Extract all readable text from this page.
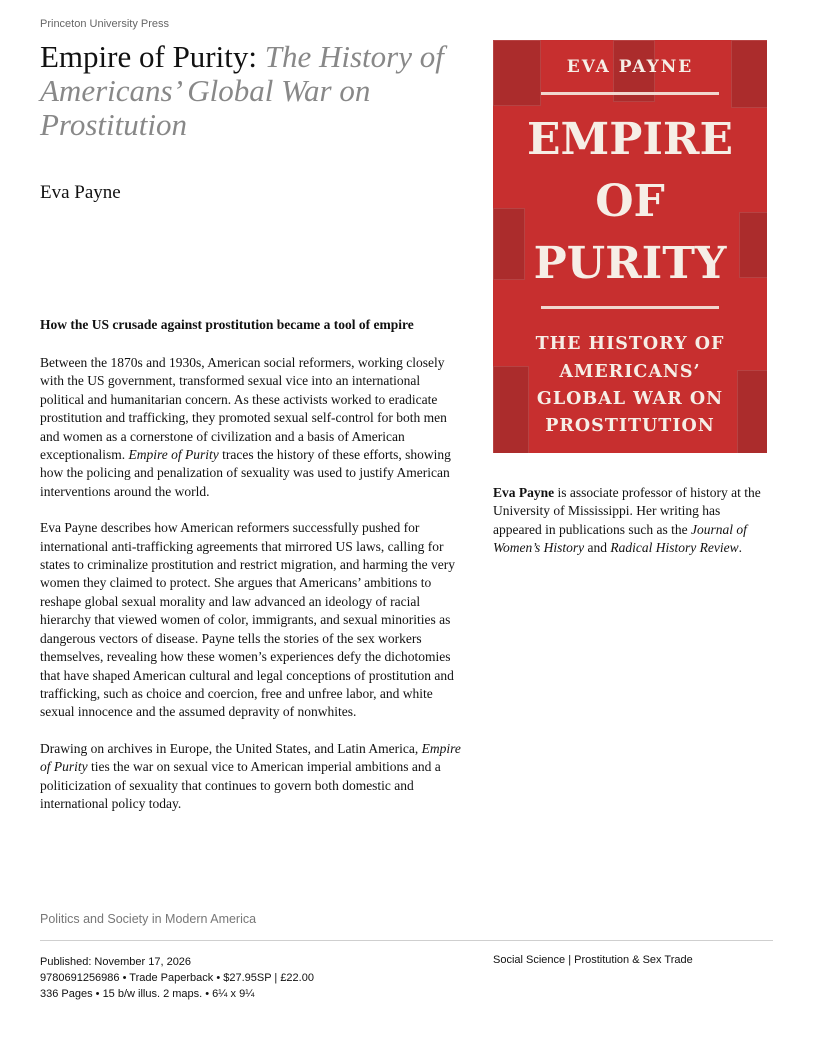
Princeton University Press
Empire of Purity: The History of Americans’ Global War on Prostitution
Eva Payne
EVA PAYNE
EMPIRE
OF
PURITY
THE HISTORY OF
AMERICANS’
GLOBAL WAR ON
PROSTITUTION
How the US crusade against prostitution became a tool of empire

Between the 1870s and 1930s, American social reformers, working closely with the US government, transformed sexual vice into an international political and humanitarian concern. As these activists worked to eradicate prostitution and trafficking, they promoted sexual self-control for both men and women as a cornerstone of civilization and a basis of American exceptionalism. Empire of Purity traces the history of these efforts, showing how the policing and penalization of sexuality was used to justify American interventions around the world.

Eva Payne describes how American reformers successfully pushed for international anti-trafficking agreements that mirrored US laws, calling for states to criminalize prostitution and restrict migration, and harming the very women they claimed to protect. She argues that Americans’ ambitions to reshape global sexual morality and law advanced an ideology of racial hierarchy that viewed women of color, immigrants, and sexual minorities as dangerous vectors of disease. Payne tells the stories of the sex workers themselves, revealing how these women’s experiences defy the dichotomies that have shaped American cultural and legal conceptions of prostitution and trafficking, such as choice and coercion, free and unfree labor, and white sexual innocence and the assumed depravity of nonwhites.

Drawing on archives in Europe, the United States, and Latin America, Empire of Purity ties the war on sexual vice to American imperial ambitions and a politicization of sexuality that continues to govern both domestic and international policy today.

Eva Payne is associate professor of history at the University of Mississippi. Her writing has appeared in publications such as the Journal of Women’s History and Radical History Review.
Politics and Society in Modern America
Published: November 17, 2026
9780691256986 • Trade Paperback • $27.95SP | £22.00
336 Pages • 15 b/w illus. 2 maps. • 6¼ x 9¼
Social Science | Prostitution & Sex Trade
